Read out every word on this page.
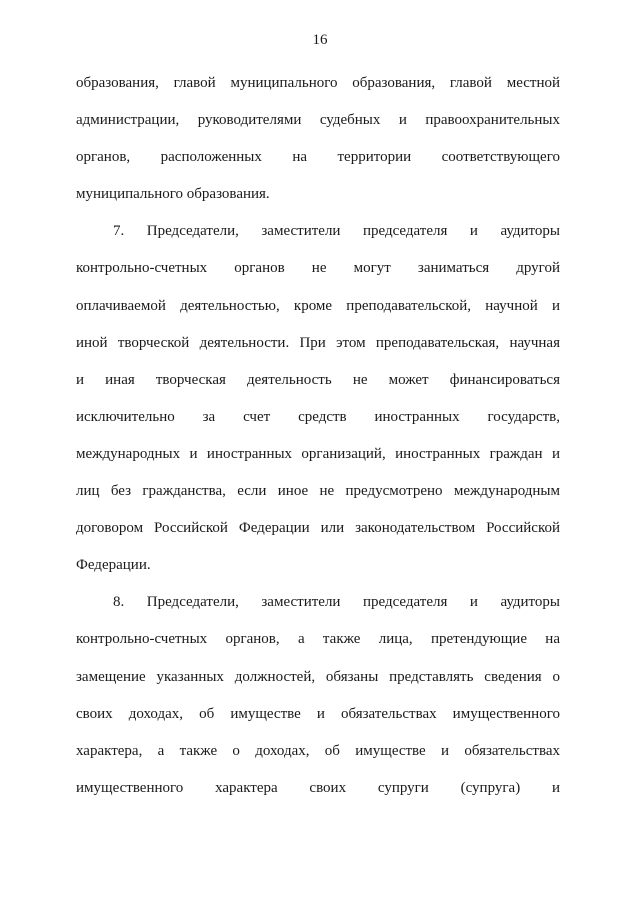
16
образования, главой муниципального образования, главой местной
администрации, руководителями судебных и правоохранительных
органов, расположенных на территории соответствующего
муниципального образования.
7. Председатели, заместители председателя и аудиторы
контрольно-счетных органов не могут заниматься другой
оплачиваемой деятельностью, кроме преподавательской, научной и
иной творческой деятельности. При этом преподавательская, научная
и иная творческая деятельность не может финансироваться
исключительно за счет средств иностранных государств,
международных и иностранных организаций, иностранных граждан и
лиц без гражданства, если иное не предусмотрено международным
договором Российской Федерации или законодательством Российской
Федерации.
8. Председатели, заместители председателя и аудиторы
контрольно-счетных органов, а также лица, претендующие на
замещение указанных должностей, обязаны представлять сведения о
своих доходах, об имуществе и обязательствах имущественного
характера, а также о доходах, об имуществе и обязательствах
имущественного характера своих супруги (супруга) и
